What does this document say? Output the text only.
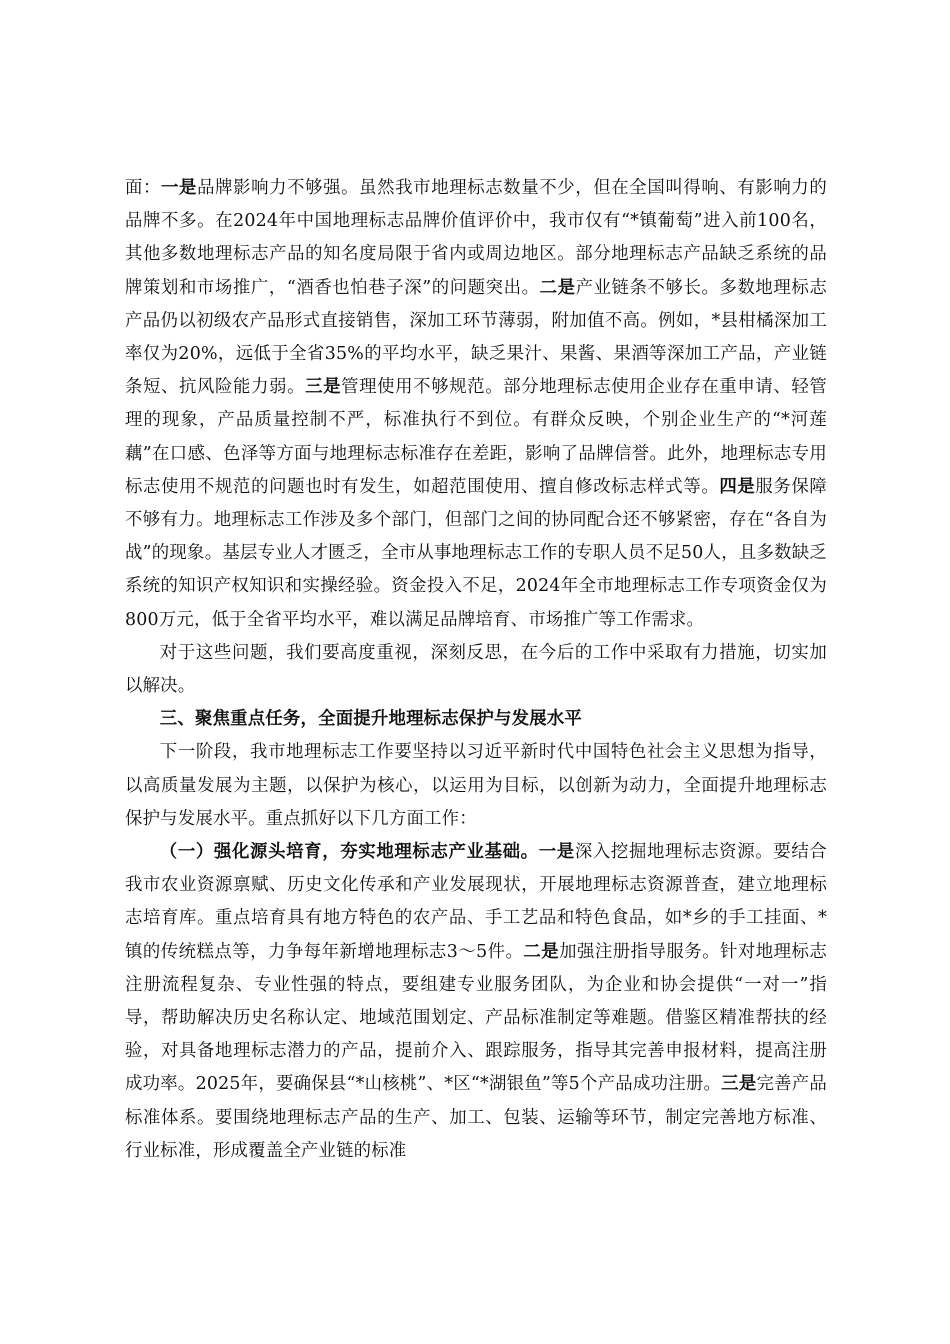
面：一是品牌影响力不够强。虽然我市地理标志数量不少，但在全国叫得响、有影响力的品牌不多。在2024年中国地理标志品牌价值评价中，我市仅有“*镇葡萄”进入前100名，其他多数地理标志产品的知名度局限于省内或周边地区。部分地理标志产品缺乏系统的品牌策划和市场推广，“酒香也怕巷子深”的问题突出。二是产业链条不够长。多数地理标志产品仍以初级农产品形式直接销售，深加工环节薄弱，附加值不高。例如，*县柑橘深加工率仅为20%，远低于全省35%的平均水平，缺乏果汁、果酱、果酒等深加工产品，产业链条短、抗风险能力弱。三是管理使用不够规范。部分地理标志使用企业存在重申请、轻管理的现象，产品质量控制不严，标准执行不到位。有群众反映，个别企业生产的“*河莲藕”在口感、色泽等方面与地理标志标准存在差距，影响了品牌信誉。此外，地理标志专用标志使用不规范的问题也时有发生，如超范围使用、擅自修改标志样式等。四是服务保障不够有力。地理标志工作涉及多个部门，但部门之间的协同配合还不够紧密，存在“各自为战”的现象。基层专业人才匮乏，全市从事地理标志工作的专职人员不足50人，且多数缺乏系统的知识产权知识和实操经验。资金投入不足，2024年全市地理标志工作专项资金仅为800万元，低于全省平均水平，难以满足品牌培育、市场推广等工作需求。

对于这些问题，我们要高度重视，深刻反思，在今后的工作中采取有力措施，切实加以解决。

三、聚焦重点任务，全面提升地理标志保护与发展水平

下一阶段，我市地理标志工作要坚持以习近平新时代中国特色社会主义思想为指导，以高质量发展为主题，以保护为核心，以运用为目标，以创新为动力，全面提升地理标志保护与发展水平。重点抓好以下几方面工作：

（一）强化源头培育，夯实地理标志产业基础。一是深入挖掘地理标志资源。要结合我市农业资源禀赋、历史文化传承和产业发展现状，开展地理标志资源普查，建立地理标志培育库。重点培育具有地方特色的农产品、手工艺品和特色食品，如*乡的手工挂面、*镇的传统糕点等，力争每年新增地理标志3～5件。二是加强注册指导服务。针对地理标志注册流程复杂、专业性强的特点，要组建专业服务团队，为企业和协会提供“一对一”指导，帮助解决历史名称认定、地域范围划定、产品标准制定等难题。借鉴区精准帮扶的经验，对具备地理标志潜力的产品，提前介入、跟踪服务，指导其完善申报材料，提高注册成功率。2025年，要确保县“*山核桃”、*区“*湖银鱼”等5个产品成功注册。三是完善产品标准体系。要围绕地理标志产品的生产、加工、包装、运输等环节，制定完善地方标准、行业标准，形成覆盖全产业链的标准
